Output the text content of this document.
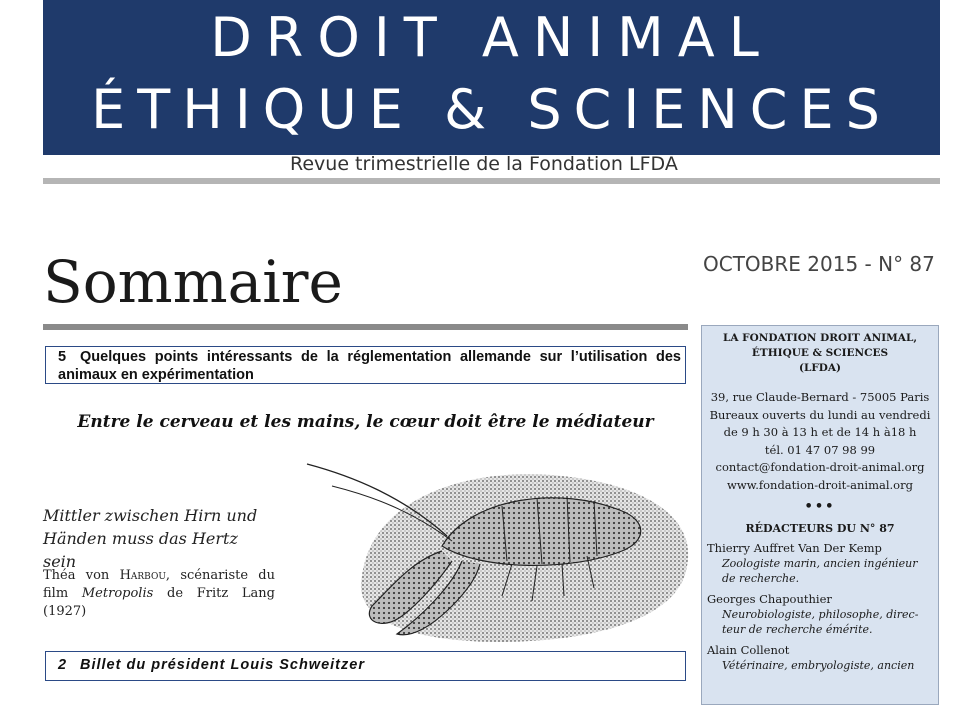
DROIT ANIMAL
ÉTHIQUE & SCIENCES
Revue trimestrielle de la Fondation LFDA
Sommaire	OCTOBRE 2015 - N° 87
5 Quelques points intéressants de la réglementation allemande sur l’utilisation des animaux en expérimentation
Entre le cerveau et les mains, le cœur doit être le médiateur
Mittler zwischen Hirn und
Händen muss das Hertz sein
Théa von Harbou, scénariste du film Metropolis de Fritz Lang (1927)
2 Billet du président Louis Schweitzer
LA FONDATION DROIT ANIMAL,
ÉTHIQUE & SCIENCES
(LFDA)
39, rue Claude-Bernard - 75005 Paris
Bureaux ouverts du lundi au vendredi
de 9 h 30 à 13 h et de 14 h à18 h
tél. 01 47 07 98 99
contact@fondation-droit-animal.org
www.fondation-droit-animal.org
•••
RÉDACTEURS DU N° 87
Thierry Auffret Van Der Kemp
Zoologiste marin, ancien ingénieur
de recherche.
Georges Chapouthier
Neurobiologiste, philosophe, direc-
teur de recherche émérite.
Alain Collenot
Vétérinaire, embryologiste, ancien
